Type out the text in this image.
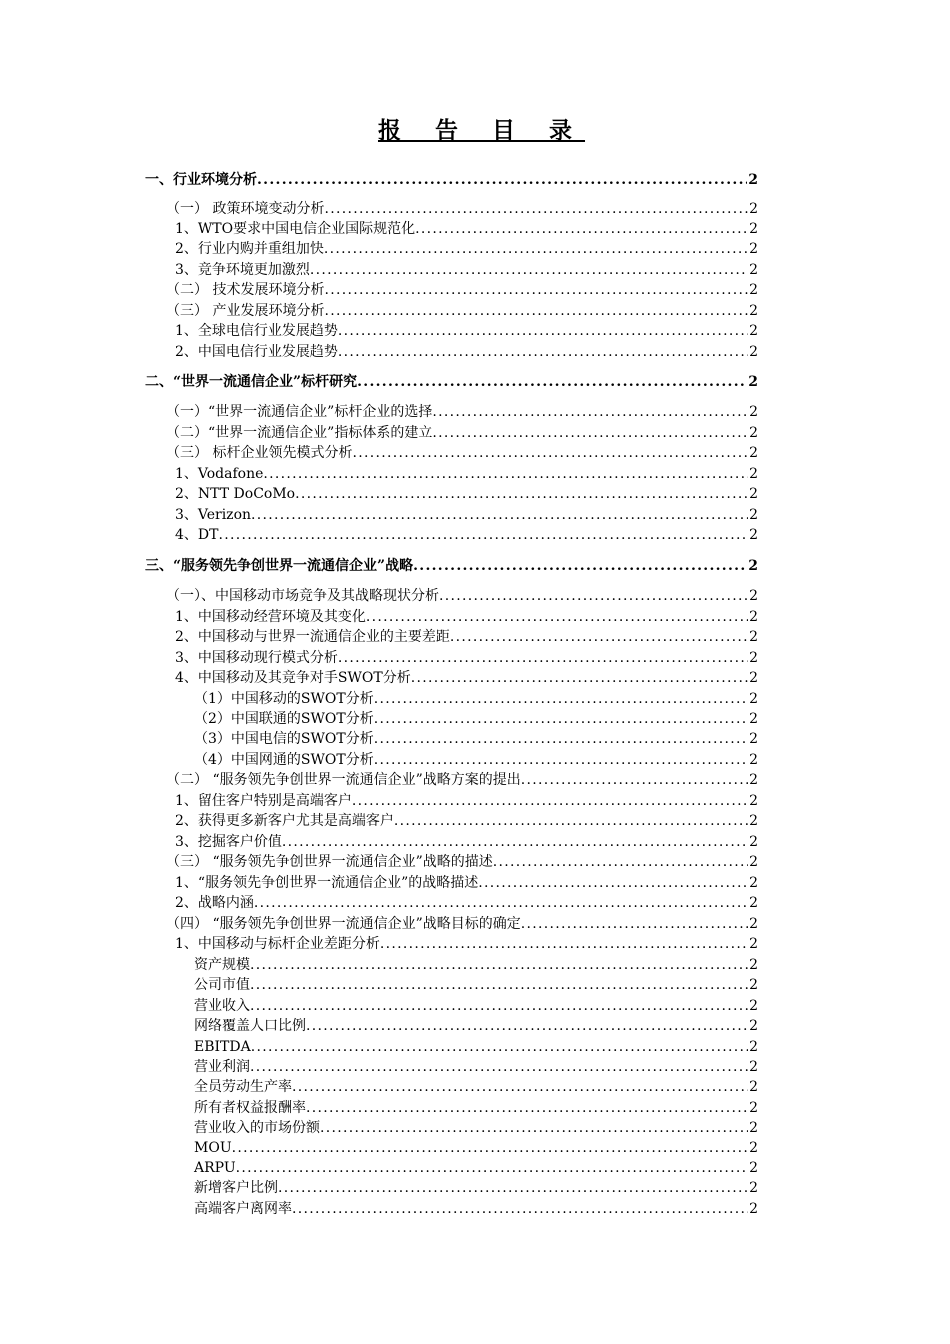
报 告 目 录
一、行业环境分析 .....	2
（一） 政策环境变动分析 .....	2
1、WTO要求中国电信企业国际规范化 .....	2
2、行业内购并重组加快 .....	2
3、竞争环境更加激烈 .....	2
（二） 技术发展环境分析 .....	2
（三） 产业发展环境分析 .....	2
1、全球电信行业发展趋势 .....	2
2、中国电信行业发展趋势 .....	2
二、“世界一流通信企业”标杆研究 .....	2
（一）“世界一流通信企业”标杆企业的选择 .....	2
（二）“世界一流通信企业”指标体系的建立 .....	2
（三） 标杆企业领先模式分析 .....	2
1、Vodafone .....	2
2、NTT DoCoMo .....	2
3、Verizon .....	2
4、DT .....	2
三、“服务领先争创世界一流通信企业”战略 .....	2
（一）、中国移动市场竞争及其战略现状分析 .....	2
1、中国移动经营环境及其变化 .....	2
2、中国移动与世界一流通信企业的主要差距 .....	2
3、中国移动现行模式分析 .....	2
4、中国移动及其竞争对手SWOT分析 .....	2
（1）中国移动的SWOT分析 .....	2
（2）中国联通的SWOT分析 .....	2
（3）中国电信的SWOT分析 .....	2
（4）中国网通的SWOT分析 .....	2
（二） “服务领先争创世界一流通信企业”战略方案的提出 .....	2
1、留住客户特别是高端客户 .....	2
2、获得更多新客户尤其是高端客户 .....	2
3、挖掘客户价值 .....	2
（三） “服务领先争创世界一流通信企业”战略的描述 .....	2
1、“服务领先争创世界一流通信企业”的战略描述 .....	2
2、战略内涵 .....	2
（四） “服务领先争创世界一流通信企业”战略目标的确定 .....	2
1、中国移动与标杆企业差距分析 .....	2
资产规模 .....	2
公司市值 .....	2
营业收入 .....	2
网络覆盖人口比例 .....	2
EBITDA .....	2
营业利润 .....	2
全员劳动生产率 .....	2
所有者权益报酬率 .....	2
营业收入的市场份额 .....	2
MOU .....	2
ARPU .....	2
新增客户比例 .....	2
高端客户离网率 .....	2
